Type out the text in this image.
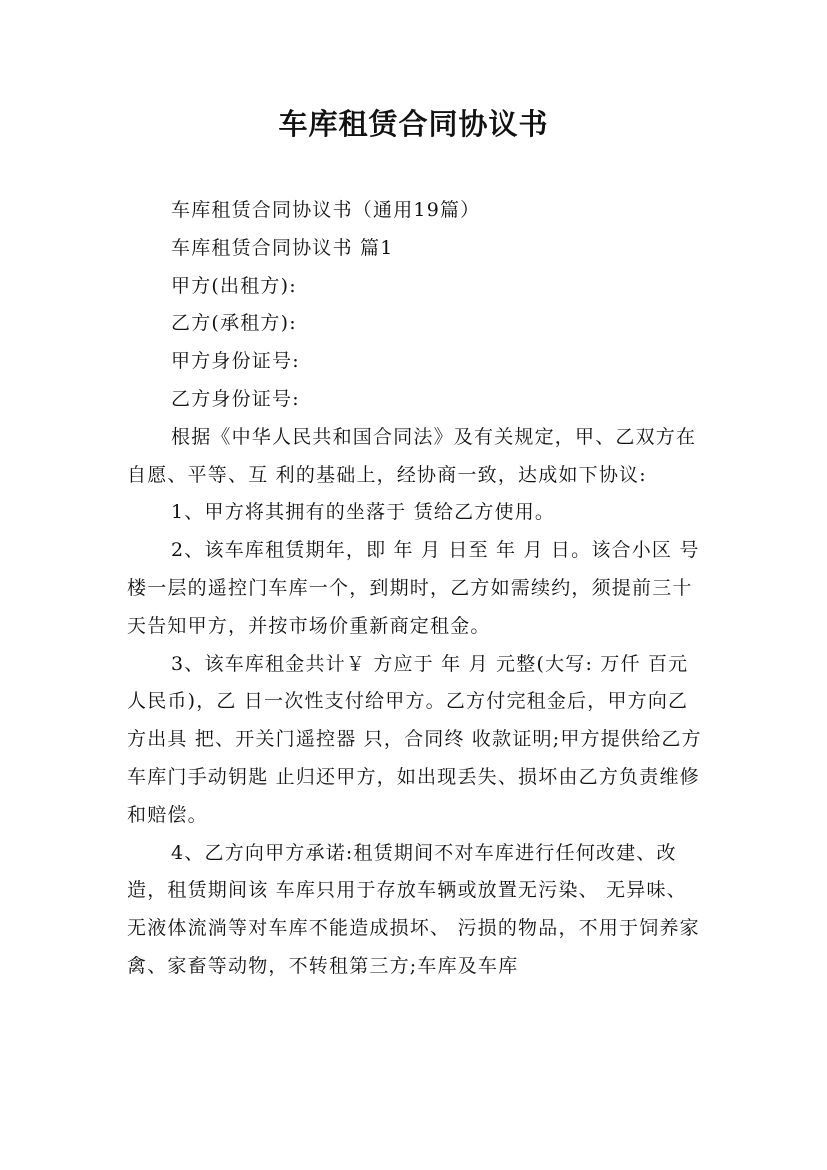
车库租赁合同协议书

车库租赁合同协议书（通用19篇）

车库租赁合同协议书 篇1

甲方(出租方):

乙方(承租方):

甲方身份证号:

乙方身份证号:

根据《中华人民共和国合同法》及有关规定，甲、乙双方在自愿、平等、互 利的基础上，经协商一致，达成如下协议:

1、甲方将其拥有的坐落于 赁给乙方使用。

2、该车库租赁期年，即 年 月 日至 年 月 日。该合小区 号楼一层的遥控门车库一个，到期时，乙方如需续约，须提前三十天告知甲方，并按市场价重新商定租金。

3、该车库租金共计￥ 方应于 年 月 元整(大写: 万仟 百元人民币)，乙 日一次性支付给甲方。乙方付完租金后，甲方向乙方出具 把、开关门遥控器 只，合同终 收款证明;甲方提供给乙方车库门手动钥匙 止归还甲方，如出现丢失、损坏由乙方负责维修和赔偿。

4、乙方向甲方承诺:租赁期间不对车库进行任何改建、改造，租赁期间该 车库只用于存放车辆或放置无污染、 无异味、 无液体流淌等对车库不能造成损坏、 污损的物品，不用于饲养家禽、家畜等动物，不转租第三方;车库及车库
